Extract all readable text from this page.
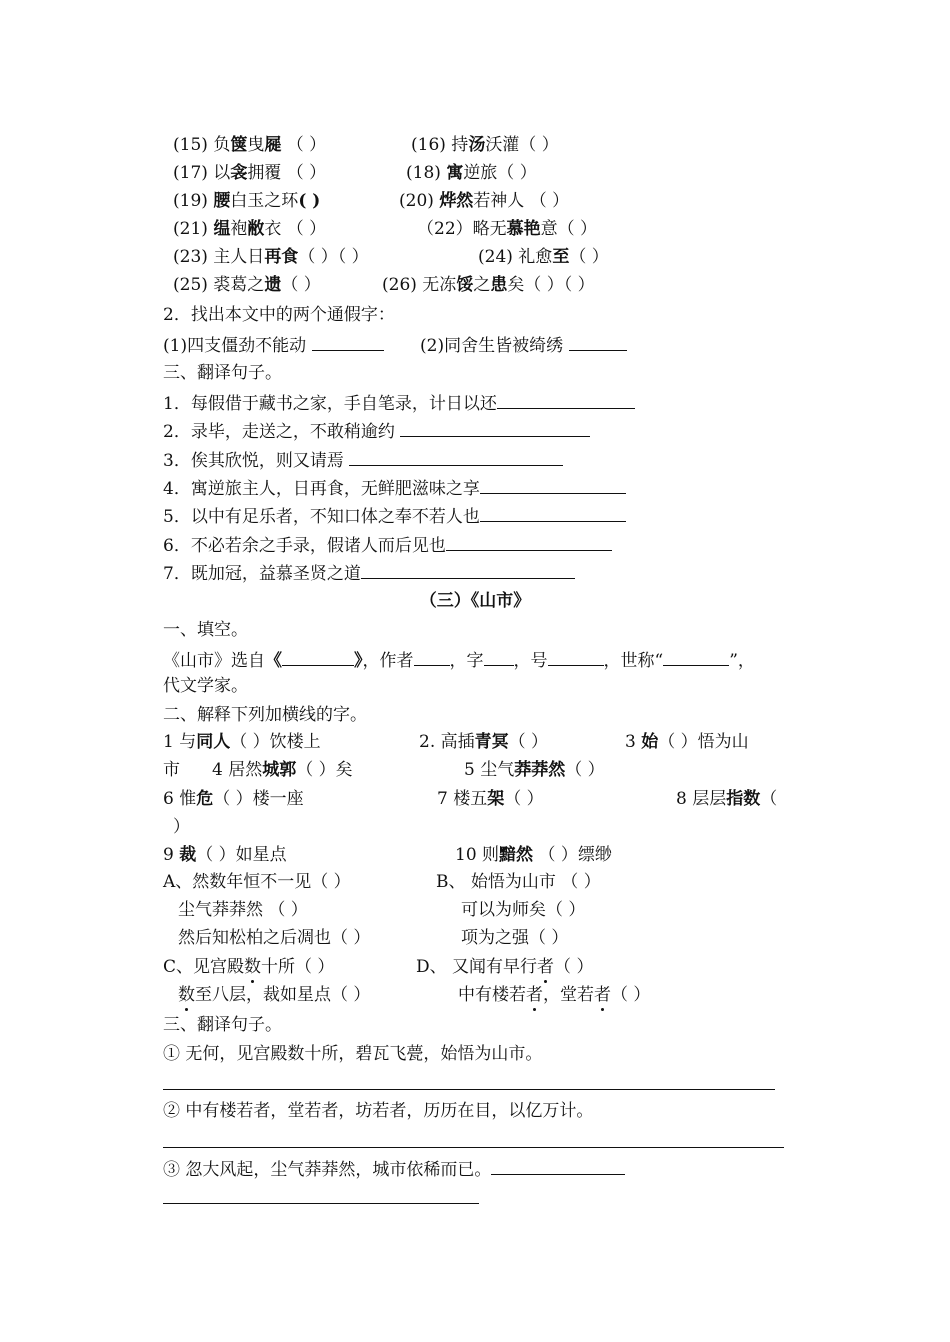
(15) 负箧曳屣 （ ）	(16) 持汤沃灌（ ）
(17) 以衾拥覆 （ ）	(18) 寓逆旅（ ）
(19) 腰白玉之环( )	(20) 烨然若神人 （ ）
(21) 缊袍敝衣 （ ）	（22）略无慕艳意（ ）
(23) 主人日再食（ ）（ ）	(24) 礼愈至（ ）
(25) 裘葛之遗（ ）	(26) 无冻馁之患矣（ ）（ ）
2．找出本文中的两个通假字：
(1)四支僵劲不能动	(2)同舍生皆被绮绣
三、翻译句子。
1．每假借于藏书之家，手自笔录，计日以还
2．录毕，走送之，不敢稍逾约
3．俟其欣悦，则又请焉
4．寓逆旅主人，日再食，无鲜肥滋味之享
5．以中有足乐者，不知口体之奉不若人也
6．不必若余之手录，假诸人而后见也
7．既加冠，益慕圣贤之道
（三）《山市》
一、填空。
《山市》选自《	》，作者 ，字 ，号	，世称“	”，
代文学家。
二、解释下列加横线的字。
1 与同人（ ）饮楼上	2. 高插青冥（ ）	3 始（ ）悟为山
市 4 居然城郭（ ）矣	5 尘气莽莽然（ ）
6 惟危（ ）楼一座	7 楼五架（ ）	8 层层指数（
）
9 裁（ ）如星点	10 则黯然 （ ）缥缈
A、然数年恒不一见（ ）	B、 始悟为山市 （ ）
尘气莽莽然 （ ）	可以为师矣（ ）
然后知松柏之后凋也（ ）	项为之强（ ）
C、见宫殿数十所（ ）	D、 又闻有早行者（ ）
数至八层，裁如星点（ ）	中有楼若者，堂若者（ ）
三、翻译句子。
① 无何，见宫殿数十所，碧瓦飞甍，始悟为山市。
② 中有楼若者，堂若者，坊若者，历历在目，以亿万计。
③ 忽大风起，尘气莽莽然，城市依稀而已。
